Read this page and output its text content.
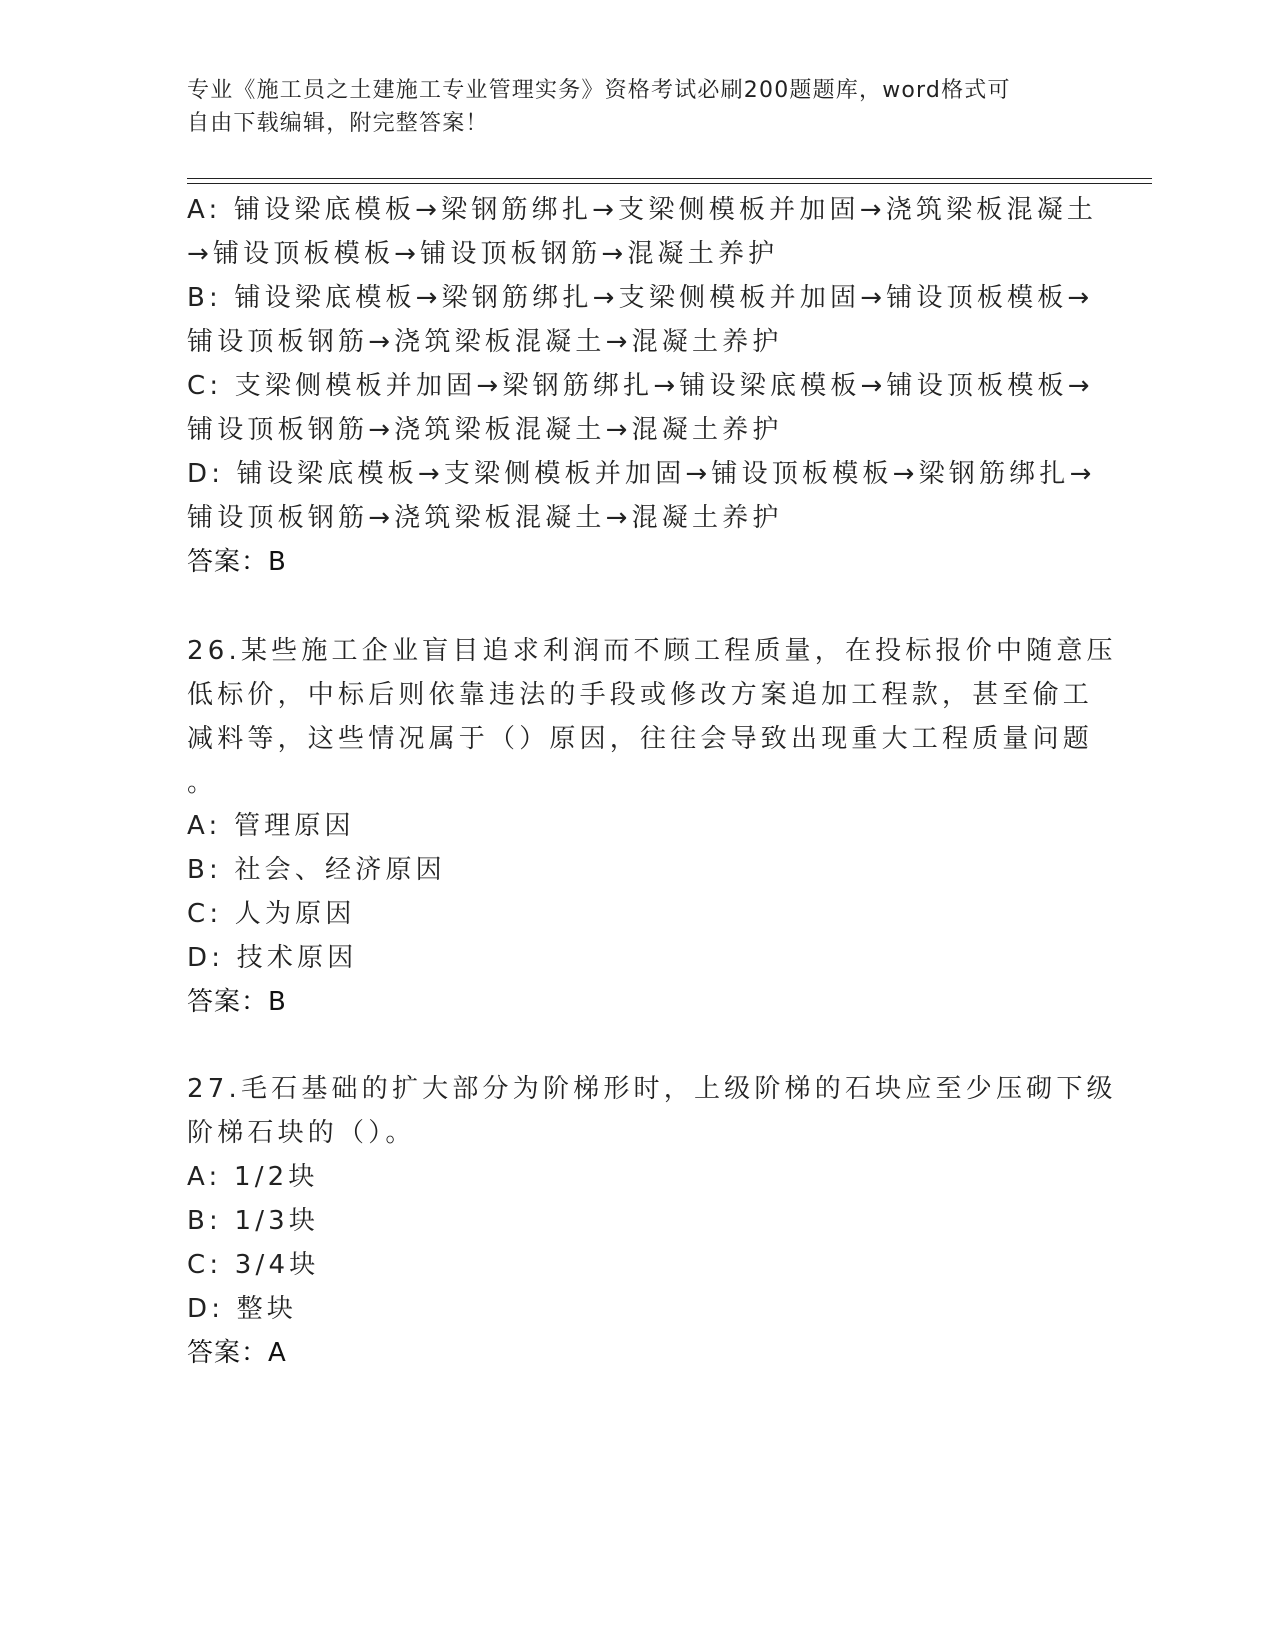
专业《施工员之土建施工专业管理实务》资格考试必刷200题题库，word格式可
自由下载编辑，附完整答案！
A: 铺设梁底模板→梁钢筋绑扎→支梁侧模板并加固→浇筑梁板混凝土
→铺设顶板模板→铺设顶板钢筋→混凝土养护
B: 铺设梁底模板→梁钢筋绑扎→支梁侧模板并加固→铺设顶板模板→
铺设顶板钢筋→浇筑梁板混凝土→混凝土养护
C: 支梁侧模板并加固→梁钢筋绑扎→铺设梁底模板→铺设顶板模板→
铺设顶板钢筋→浇筑梁板混凝土→混凝土养护
D: 铺设梁底模板→支梁侧模板并加固→铺设顶板模板→梁钢筋绑扎→
铺设顶板钢筋→浇筑梁板混凝土→混凝土养护
答案：B
26.某些施工企业盲目追求利润而不顾工程质量，在投标报价中随意压
低标价，中标后则依靠违法的手段或修改方案追加工程款，甚至偷工
减料等，这些情况属于（）原因，往往会导致出现重大工程质量问题
。
A: 管理原因
B: 社会、经济原因
C: 人为原因
D: 技术原因
答案：B
27.毛石基础的扩大部分为阶梯形时，上级阶梯的石块应至少压砌下级
阶梯石块的（）。
A: 1/2块
B: 1/3块
C: 3/4块
D: 整块
答案：A
